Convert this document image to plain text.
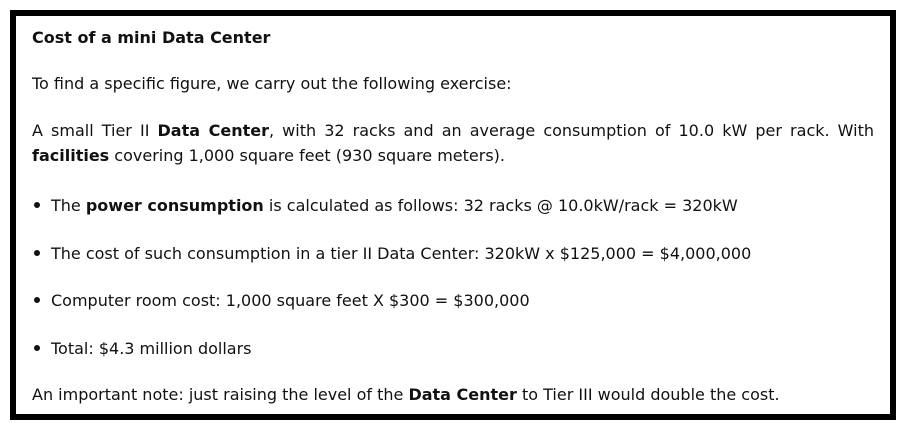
Cost of a mini Data Center

To find a specific figure, we carry out the following exercise:

A small Tier II Data Center, with 32 racks and an average consumption of 10.0 kW per rack. With facilities covering 1,000 square feet (930 square meters).

The power consumption is calculated as follows: 32 racks @ 10.0kW/rack = 320kW
The cost of such consumption in a tier II Data Center: 320kW x $125,000 = $4,000,000
Computer room cost: 1,000 square feet X $300 = $300,000
Total: $4.3 million dollars

An important note: just raising the level of the Data Center to Tier III would double the cost.
